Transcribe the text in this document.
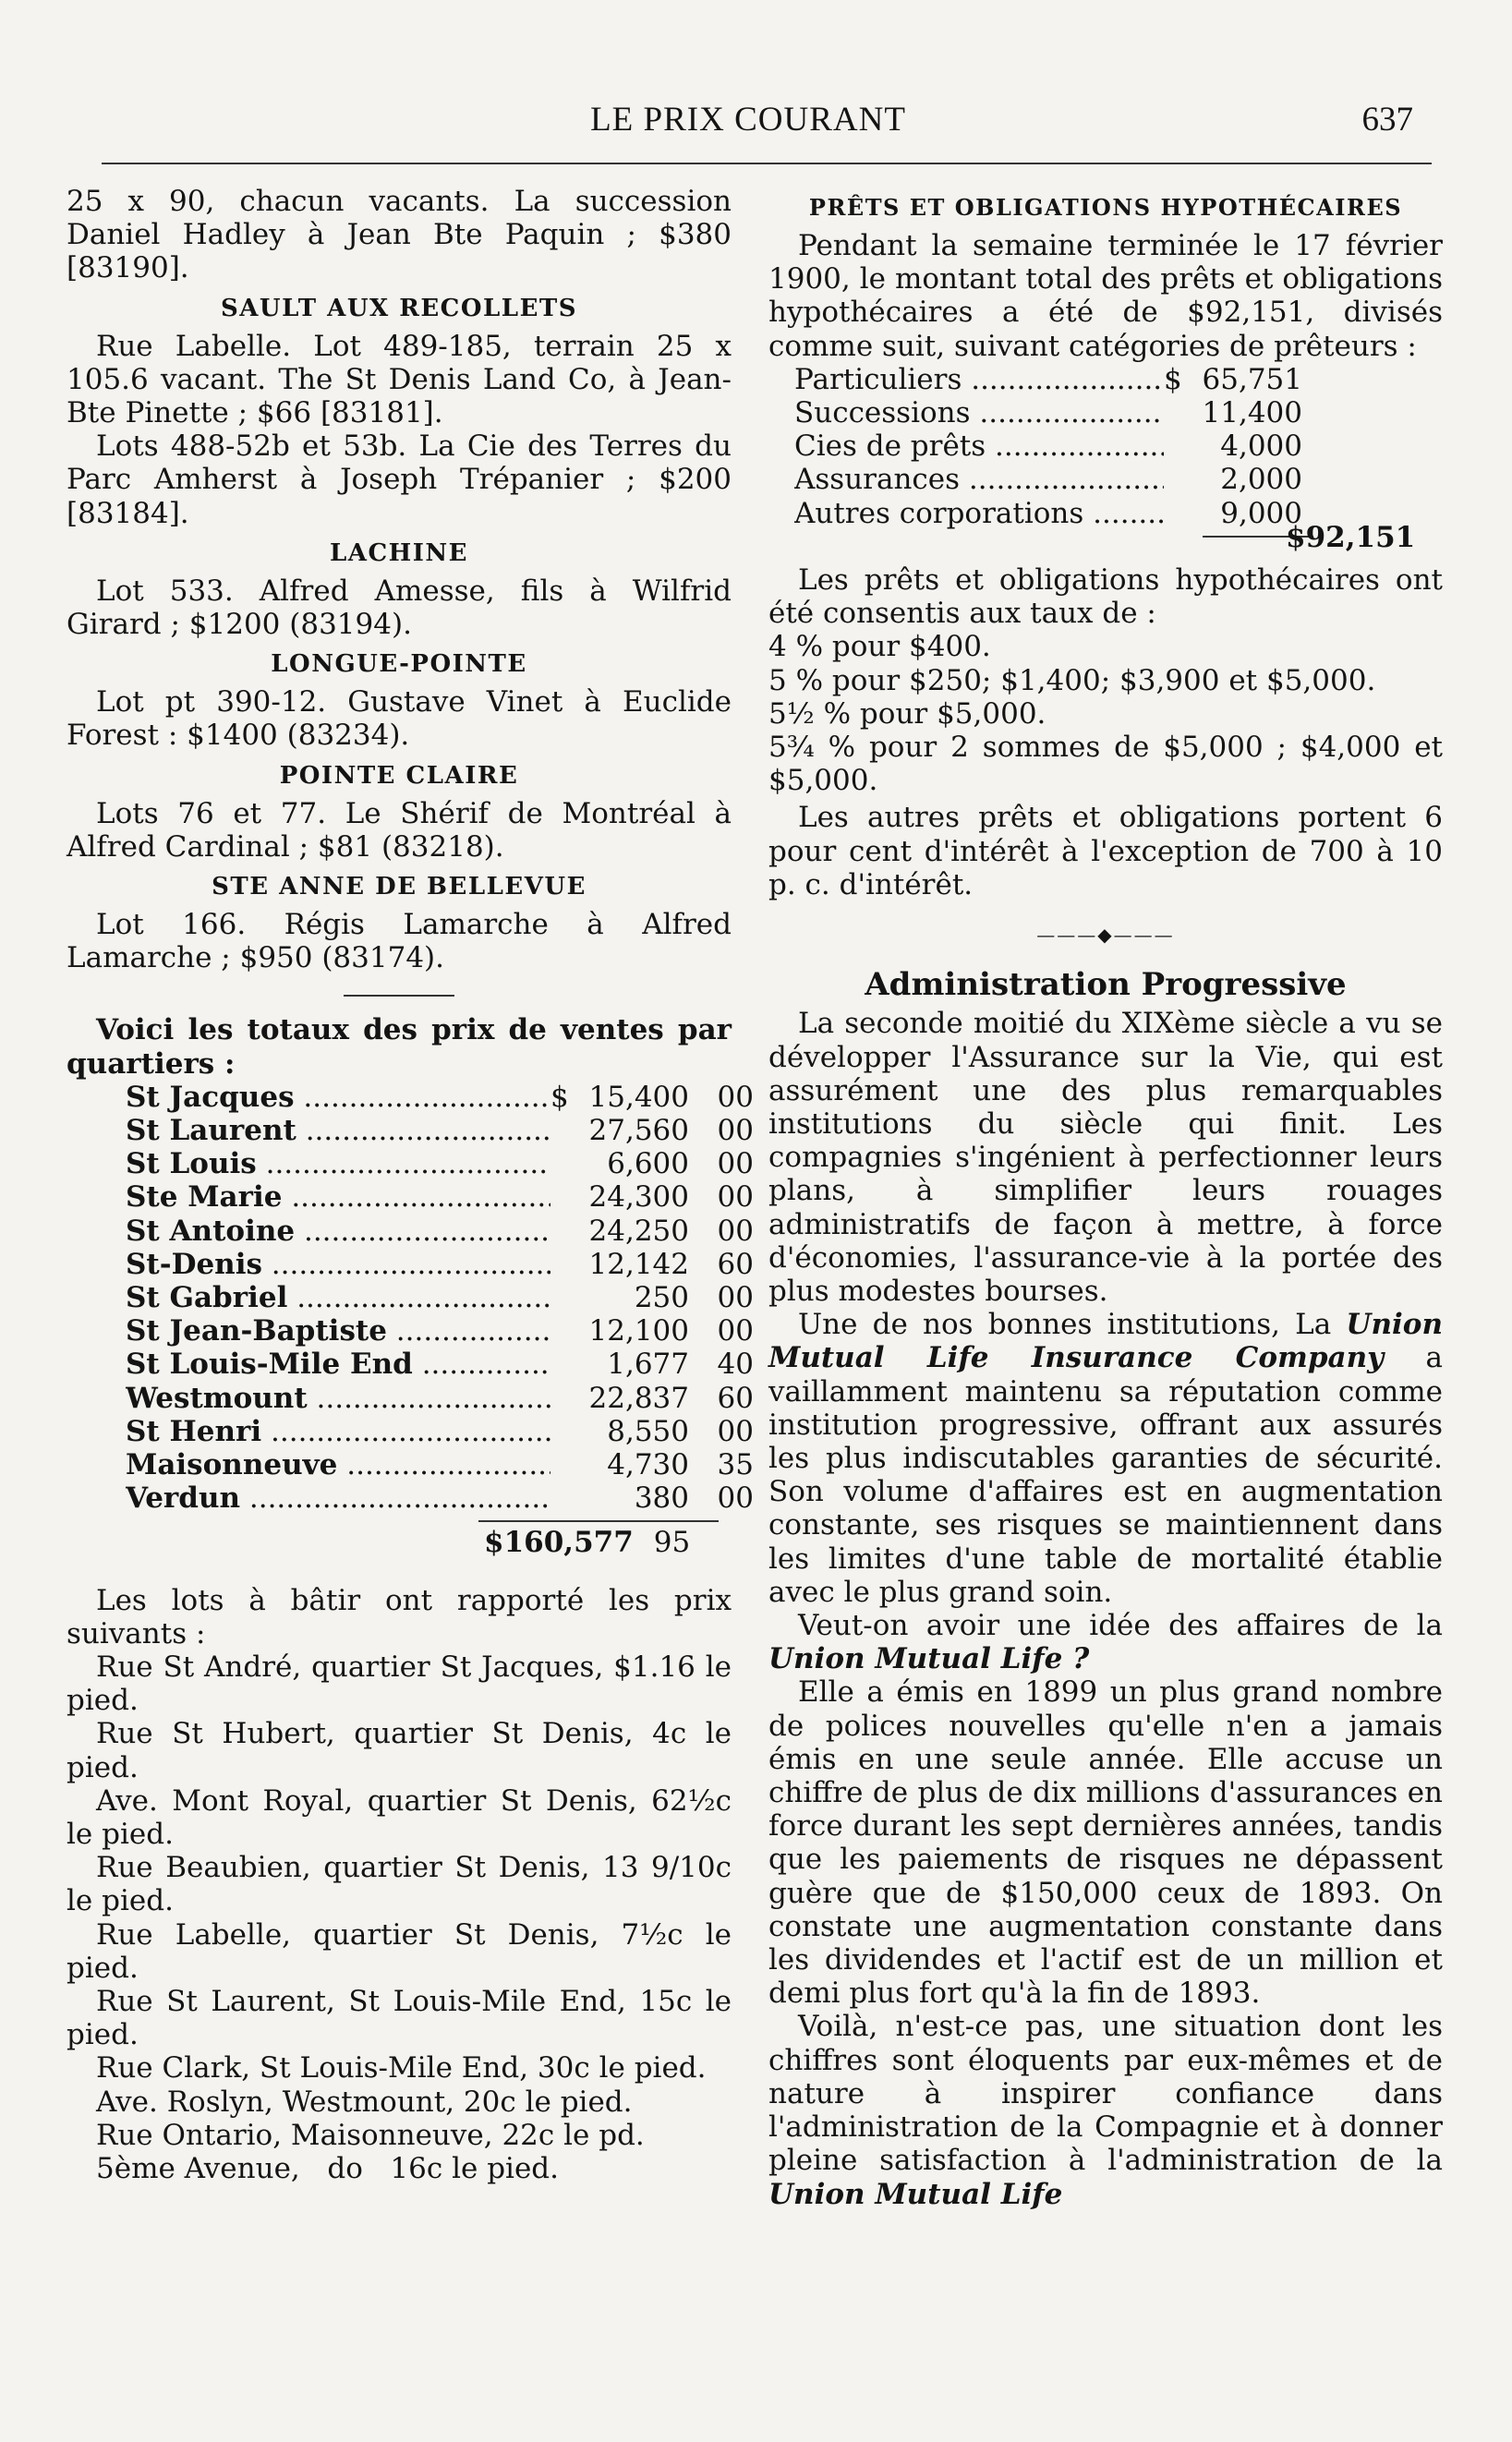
LE PRIX COURANT	637

25 x 90, chacun vacants. La succession Daniel Hadley à Jean Bte Paquin ; $380 [83190].

SAULT AUX RECOLLETS

Rue Labelle. Lot 489-185, terrain 25 x 105.6 vacant. The St Denis Land Co, à Jean-Bte Pinette ; $66 [83181].

Lots 488-52b et 53b. La Cie des Terres du Parc Amherst à Joseph Trépanier ; $200 [83184].

LACHINE

Lot 533. Alfred Amesse, fils à Wilfrid Girard ; $1200 (83194).

LONGUE-POINTE

Lot pt 390-12. Gustave Vinet à Euclide Forest : $1400 (83234).

POINTE CLAIRE

Lots 76 et 77. Le Shérif de Montréal à Alfred Cardinal ; $81 (83218).

STE ANNE DE BELLEVUE

Lot 166. Régis Lamarche à Alfred Lamarche ; $950 (83174).

Voici les totaux des prix de ventes par quartiers :

St Jacques .....	$ 15,400 00
St Laurent .....	27,560 00
St Louis .....	6,600 00
Ste Marie .....	24,300 00
St Antoine .....	24,250 00
St-Denis .....	12,142 60
St Gabriel .....	250 00
St Jean-Baptiste .....	12,100 00
St Louis-Mile End .....	1,677 40
Westmount .....	22,837 60
St Henri .....	8,550 00
Maisonneuve .....	4,730 35
Verdun .....	380 00
$160,577 95

Les lots à bâtir ont rapporté les prix suivants :

Rue St André, quartier St Jacques, $1.16 le pied.

Rue St Hubert, quartier St Denis, 4c le pied.

Ave. Mont Royal, quartier St Denis, 62½c le pied.

Rue Beaubien, quartier St Denis, 13 9/10c le pied.

Rue Labelle, quartier St Denis, 7½c le pied.

Rue St Laurent, St Louis-Mile End, 15c le pied.

Rue Clark, St Louis-Mile End, 30c le pied.

Ave. Roslyn, Westmount, 20c le pied.

Rue Ontario, Maisonneuve, 22c le pd.

5ème Avenue,   do   16c le pied.

PRÊTS ET OBLIGATIONS HYPOTHÉCAIRES

Pendant la semaine terminée le 17 février 1900, le montant total des prêts et obligations hypothécaires a été de $92,151, divisés comme suit, suivant catégories de prêteurs :

Particuliers .....	$ 65,751
Successions .....	11,400
Cies de prêts .....	4,000
Assurances .....	2,000
Autres corporations .....	9,000
$92,151

Les prêts et obligations hypothécaires ont été consentis aux taux de :

4 % pour $400.

5 % pour $250; $1,400; $3,900 et $5,000.

5½ % pour $5,000.

5¾ % pour 2 sommes de $5,000 ; $4,000 et $5,000.

Les autres prêts et obligations portent 6 pour cent d'intérêt à l'exception de 700 à 10 p. c. d'intérêt.

———◆———
Administration Progressive

La seconde moitié du XIXème siècle a vu se développer l'Assurance sur la Vie, qui est assurément une des plus remarquables institutions du siècle qui finit. Les compagnies s'ingénient à perfectionner leurs plans, à simplifier leurs rouages administratifs de façon à mettre, à force d'économies, l'assurance-vie à la portée des plus modestes bourses.

Une de nos bonnes institutions, La Union Mutual Life Insurance Company a vaillamment maintenu sa réputation comme institution progressive, offrant aux assurés les plus indiscutables garanties de sécurité. Son volume d'affaires est en augmentation constante, ses risques se maintiennent dans les limites d'une table de mortalité établie avec le plus grand soin.

Veut-on avoir une idée des affaires de la Union Mutual Life ?

Elle a émis en 1899 un plus grand nombre de polices nouvelles qu'elle n'en a jamais émis en une seule année. Elle accuse un chiffre de plus de dix millions d'assurances en force durant les sept dernières années, tandis que les paiements de risques ne dépassent guère que de $150,000 ceux de 1893. On constate une augmentation constante dans les dividendes et l'actif est de un million et demi plus fort qu'à la fin de 1893.

Voilà, n'est-ce pas, une situation dont les chiffres sont éloquents par eux-mêmes et de nature à inspirer confiance dans l'administration de la Compagnie et à donner pleine satisfaction à l'administration de la Union Mutual Life
